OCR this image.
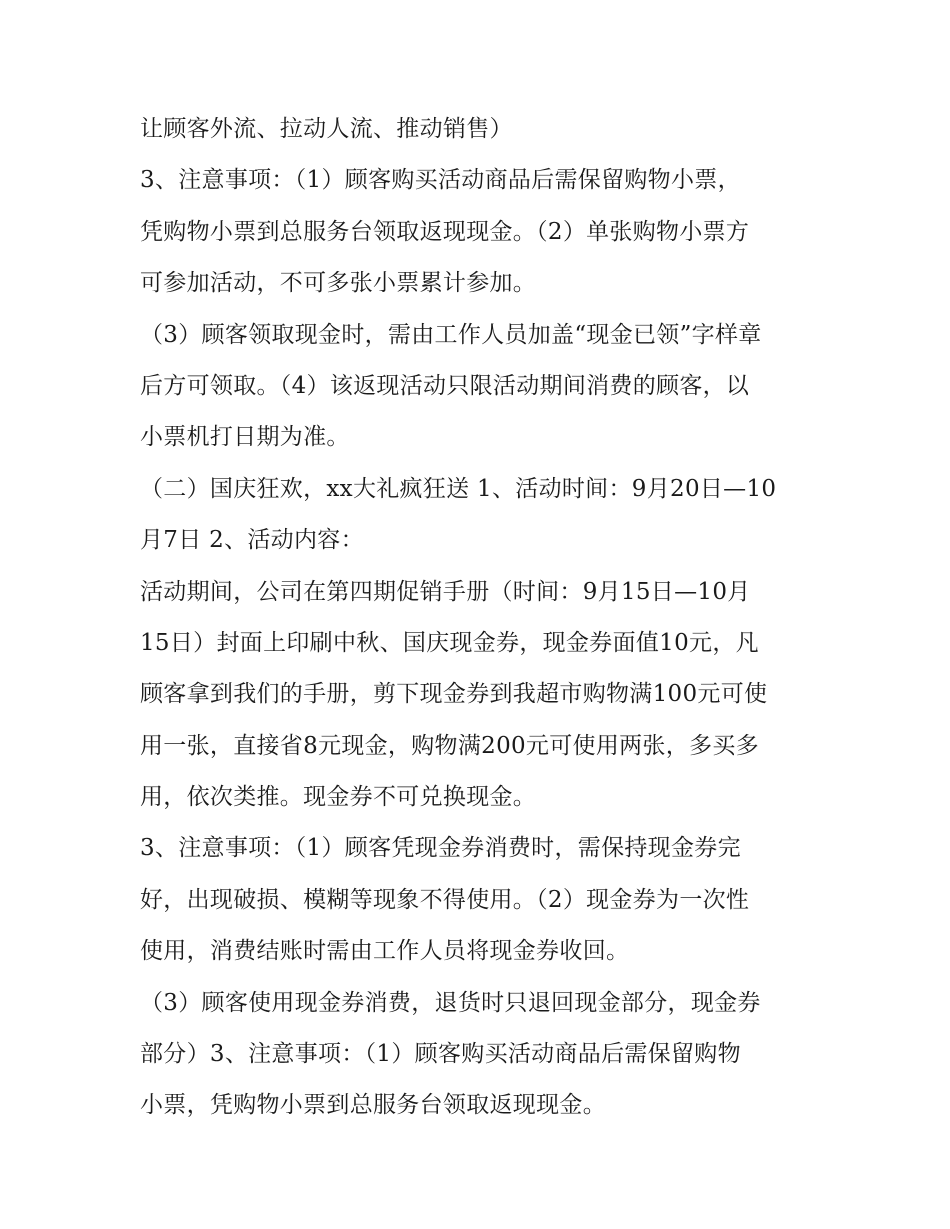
让顾客外流、拉动人流、推动销售）
3、注意事项：（1）顾客购买活动商品后需保留购物小票，
凭购物小票到总服务台领取返现现金。（2）单张购物小票方
可参加活动，不可多张小票累计参加。
（3）顾客领取现金时，需由工作人员加盖“现金已领”字样章
后方可领取。（4）该返现活动只限活动期间消费的顾客，以
小票机打日期为准。
（二）国庆狂欢，xx大礼疯狂送 1、活动时间：9月20日—10
月7日 2、活动内容：
活动期间，公司在第四期促销手册（时间：9月15日—10月
15日）封面上印刷中秋、国庆现金券，现金券面值10元，凡
顾客拿到我们的手册，剪下现金券到我超市购物满100元可使
用一张，直接省8元现金，购物满200元可使用两张，多买多
用，依次类推。现金券不可兑换现金。
3、注意事项：（1）顾客凭现金券消费时，需保持现金券完
好，出现破损、模糊等现象不得使用。（2）现金券为一次性
使用，消费结账时需由工作人员将现金券收回。
（3）顾客使用现金券消费，退货时只退回现金部分，现金券
部分）3、注意事项：（1）顾客购买活动商品后需保留购物
小票，凭购物小票到总服务台领取返现现金。
